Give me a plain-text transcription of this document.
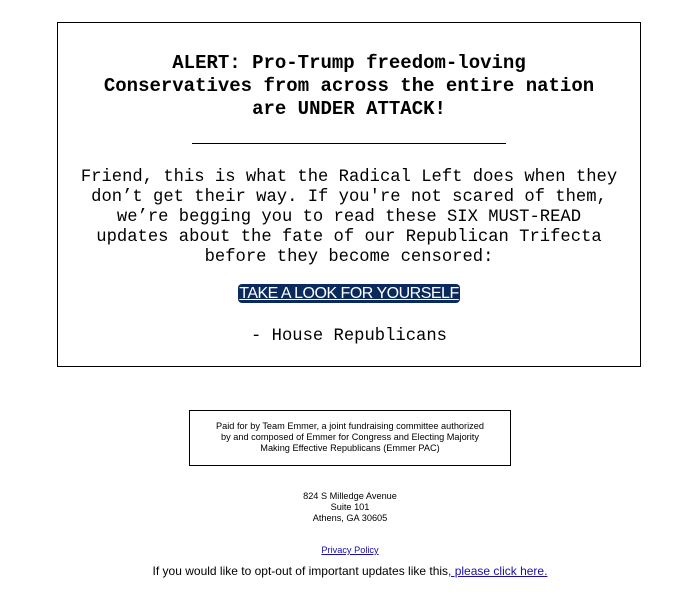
ALERT: Pro-Trump freedom-loving
Conservatives from across the entire nation
are UNDER ATTACK!
Friend, this is what the Radical Left does when they
don’t get their way. If you're not scared of them,
we’re begging you to read these SIX MUST-READ
updates about the fate of our Republican Trifecta
before they become censored:
TAKE A LOOK FOR YOURSELF
- House Republicans
Paid for by Team Emmer, a joint fundraising committee authorized
by and composed of Emmer for Congress and Electing Majority
Making Effective Republicans (Emmer PAC)
824 S Milledge Avenue
Suite 101
Athens, GA 30605
Privacy Policy
If you would like to opt-out of important updates like this, please click here.
